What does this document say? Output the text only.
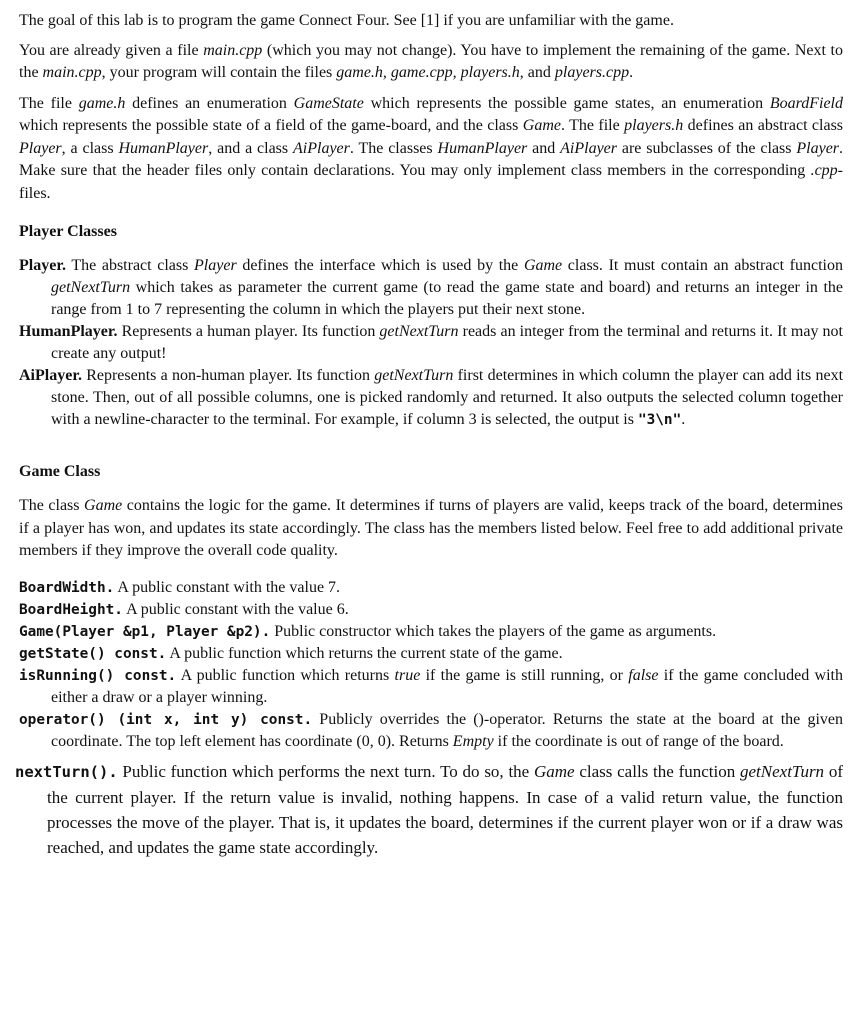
The goal of this lab is to program the game Connect Four. See [1] if you are unfamiliar with the game.

You are already given a file main.cpp (which you may not change). You have to implement the remaining of the game. Next to the main.cpp, your program will contain the files game.h, game.cpp, players.h, and players.cpp.

The file game.h defines an enumeration GameState which represents the possible game states, an enumeration BoardField which represents the possible state of a field of the game-board, and the class Game. The file players.h defines an abstract class Player, a class HumanPlayer, and a class AiPlayer. The classes HumanPlayer and AiPlayer are subclasses of the class Player. Make sure that the header files only contain declarations. You may only implement class members in the corresponding .cpp-files.

Player Classes
Player. The abstract class Player defines the interface which is used by the Game class. It must contain an abstract function getNextTurn which takes as parameter the current game (to read the game state and board) and returns an integer in the range from 1 to 7 representing the column in which the players put their next stone.
HumanPlayer. Represents a human player. Its function getNextTurn reads an integer from the terminal and returns it. It may not create any output!
AiPlayer. Represents a non-human player. Its function getNextTurn first determines in which column the player can add its next stone. Then, out of all possible columns, one is picked randomly and returned. It also outputs the selected column together with a newline-character to the terminal. For example, if column 3 is selected, the output is "3\n".
Game Class

The class Game contains the logic for the game. It determines if turns of players are valid, keeps track of the board, determines if a player has won, and updates its state accordingly. The class has the members listed below. Feel free to add additional private members if they improve the overall code quality.

BoardWidth. A public constant with the value 7.
BoardHeight. A public constant with the value 6.
Game(Player &p1, Player &p2). Public constructor which takes the players of the game as arguments.
getState() const. A public function which returns the current state of the game.
isRunning() const. A public function which returns true if the game is still running, or false if the game concluded with either a draw or a player winning.
operator() (int x, int y) const. Publicly overrides the ()-operator. Returns the state at the board at the given coordinate. The top left element has coordinate (0, 0). Returns Empty if the coordinate is out of range of the board.
nextTurn(). Public function which performs the next turn. To do so, the Game class calls the function getNextTurn of the current player. If the return value is invalid, nothing happens. In case of a valid return value, the function processes the move of the player. That is, it updates the board, determines if the current player won or if a draw was reached, and updates the game state accordingly.
